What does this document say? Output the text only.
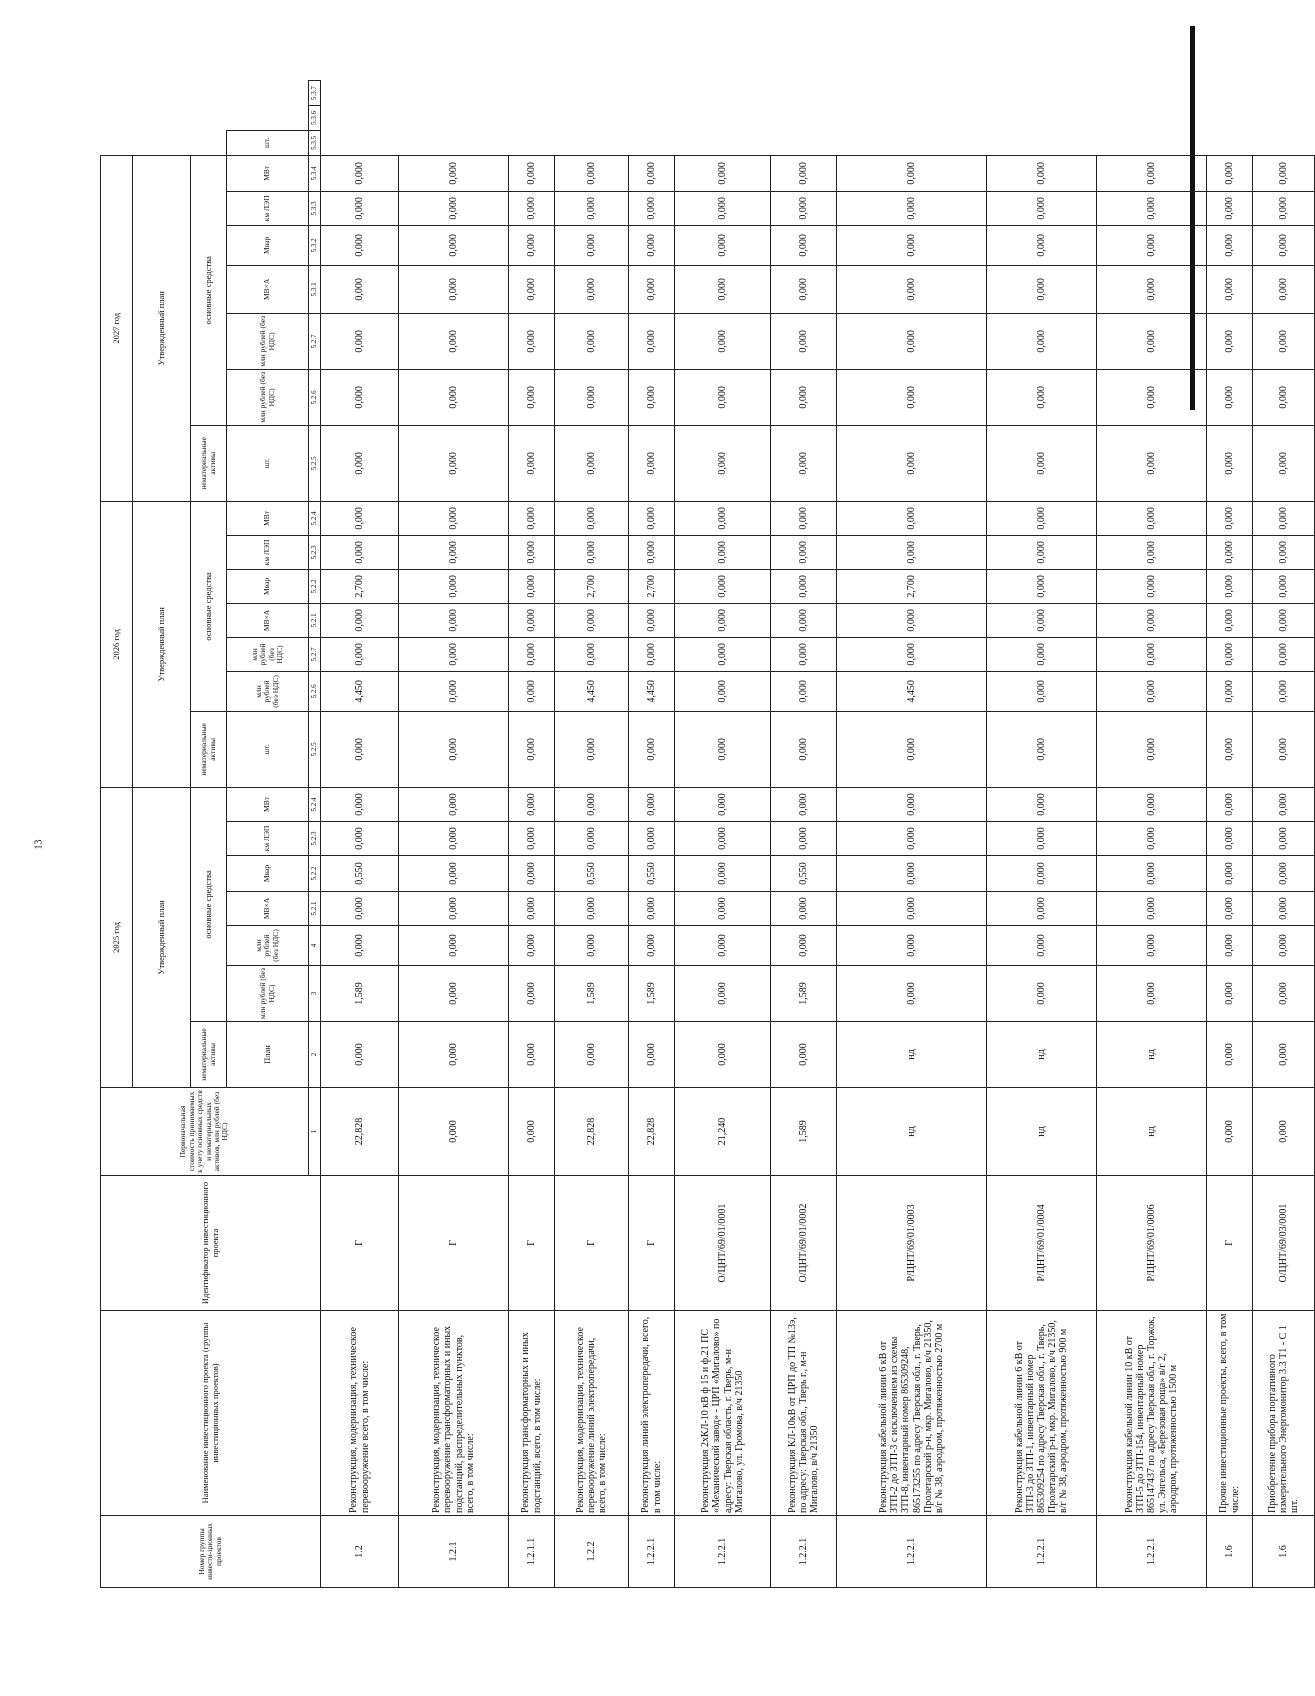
13
Номер группы инвести-ционных проектов	Наименование инвестиционного проекта (группы инвестиционных проектов)	Идентификатор инвестиционного проекта	Первоначальная стоимость принимаемых к учету основных средств и нематериальных активов, млн рублей (без НДС)	2025 год							2026 год							2027 год									
				Утвержденный план							Утвержденный план							Утвержденный план									
				нематериальные активы	основные средства						нематериальные активы	основные средства						нематериальные активы	основные средства								
				План	млн рублей (без НДС)	млн рублей (без НДС)	МВ×А	Мвар	км ЛЭП	МВт	шт.	млн рублей (без НДС)	млн рублей (без НДС)	МВ×А	Мвар	км ЛЭП	МВт	шт.	млн рублей (без НДС)	млн рублей (без НДС)	МВ×А	Мвар	км ЛЭП	МВт	шт.		
			1	2	3	4	5.2.1	5.2.2	5.2.3	5.2.4	5.2.5	5.2.6	5.2.7	5.2.1	5.2.2	5.2.3	5.2.4	5.2.5	5.2.6	5.2.7	5.3.1	5.3.2	5.3.3	5.3.4	5.3.5	5.3.6	5.3.7
1.2	Реконструкция, модернизация, техническое перевооружение всего, в том числе:	Г	22,828	0,000	1,589	0,000	0,000	0,550	0,000	0,000	0,000	4,450	0,000	0,000	2,700	0,000	0,000	0,000	0,000	0,000	0,000	0,000	0,000	0,000			
1.2.1	Реконструкция, модернизация, техническое перевооружение трансформаторных и иных подстанций, распределительных пунктов, всего, в том числе:	Г	0,000	0,000	0,000	0,000	0,000	0,000	0,000	0,000	0,000	0,000	0,000	0,000	0,000	0,000	0,000	0,000	0,000	0,000	0,000	0,000	0,000	0,000			
1.2.1.1	Реконструкция трансформаторных и иных подстанций, всего, в том числе:	Г	0,000	0,000	0,000	0,000	0,000	0,000	0,000	0,000	0,000	0,000	0,000	0,000	0,000	0,000	0,000	0,000	0,000	0,000	0,000	0,000	0,000	0,000			
1.2.2	Реконструкция, модернизация, техническое перевооружение линий электропередачи, всего, в том числе:	Г	22,828	0,000	1,589	0,000	0,000	0,550	0,000	0,000	0,000	4,450	0,000	0,000	2,700	0,000	0,000	0,000	0,000	0,000	0,000	0,000	0,000	0,000			
1.2.2.1	Реконструкция линий электропередачи, всего, в том числе:	Г	22,828	0,000	1,589	0,000	0,000	0,550	0,000	0,000	0,000	4,450	0,000	0,000	2,700	0,000	0,000	0,000	0,000	0,000	0,000	0,000	0,000	0,000			
1.2.2.1	Реконструкция 2хКЛ-10 кВ ф 15 и ф.21 ПС «Механический завод» - ЦРП «Мигалово» по адресу: Тверская область, г. Тверь, м-н Мигалово, ул. Громова, в/ч 21350	О/ЦНТ/69/01/0001	21,240	0,000	0,000	0,000	0,000	0,000	0,000	0,000	0,000	0,000	0,000	0,000	0,000	0,000	0,000	0,000	0,000	0,000	0,000	0,000	0,000	0,000			
1.2.2.1	Реконструкция КЛ-10кВ от ЦРП до ТП №13э, по адресу: Тверская обл., Тверь г., м-н Мигалово, в/ч 21350	О/ЦНТ/69/01/0002	1,589	0,000	1,589	0,000	0,000	0,550	0,000	0,000	0,000	0,000	0,000	0,000	0,000	0,000	0,000	0,000	0,000	0,000	0,000	0,000	0,000	0,000			
1.2.2.1	Реконструкция кабельной линии 6 кВ от ЗТП-2 до ЗТП-3 с исключением из схемы ЗТП-8, инвентарный номер 865309248, 865173255 по адресу Тверская обл., г. Тверь, Пролетарский р-н, мкр. Мигалово, в/ч 21350, в/г № 38, аэродром, протяженностью 2700 м	Р/ЦНТ/69/01/0003	нд	нд	0,000	0,000	0,000	0,000	0,000	0,000	0,000	4,450	0,000	0,000	2,700	0,000	0,000	0,000	0,000	0,000	0,000	0,000	0,000	0,000			
1.2.2.1	Реконструкция кабельной линии 6 кВ от ЗТП-3 до ЗТП-1, инвентарный номер 865309254 по адресу Тверская обл., г. Тверь, Пролетарский р-н, мкр. Мигалово, в/ч 21350, в/г № 38, аэродром, протяженностью 900 м	Р/ЦНТ/69/01/0004	нд	нд	0,000	0,000	0,000	0,000	0,000	0,000	0,000	0,000	0,000	0,000	0,000	0,000	0,000	0,000	0,000	0,000	0,000	0,000	0,000	0,000			
1.2.2.1	Реконструкция кабельной линии 10 кВ от ЗТП-5 до ЗТП-154, инвентарный номер 865147437 по адресу Тверская обл., г. Торжок, ул. Энгельса, «Березовая роща» в/г 2, аэродром, протяженностью 1500 м	Р/ЦНТ/69/01/0006	нд	нд	0,000	0,000	0,000	0,000	0,000	0,000	0,000	0,000	0,000	0,000	0,000	0,000	0,000	0,000	0,000	0,000	0,000	0,000	0,000	0,000			
1.6	Прочие инвестиционные проекты, всего, в том числе:	Г	0,000	0,000	0,000	0,000	0,000	0,000	0,000	0,000	0,000	0,000	0,000	0,000	0,000	0,000	0,000	0,000	0,000	0,000	0,000	0,000	0,000	0,000			
1.6	Приобретение прибора портативного измерительного Энергомонитор 3.3 Т1 - С 1 шт.	О/ЦНТ/69/03/0001	0,000	0,000	0,000	0,000	0,000	0,000	0,000	0,000	0,000	0,000	0,000	0,000	0,000	0,000	0,000	0,000	0,000	0,000	0,000	0,000	0,000	0,000			
